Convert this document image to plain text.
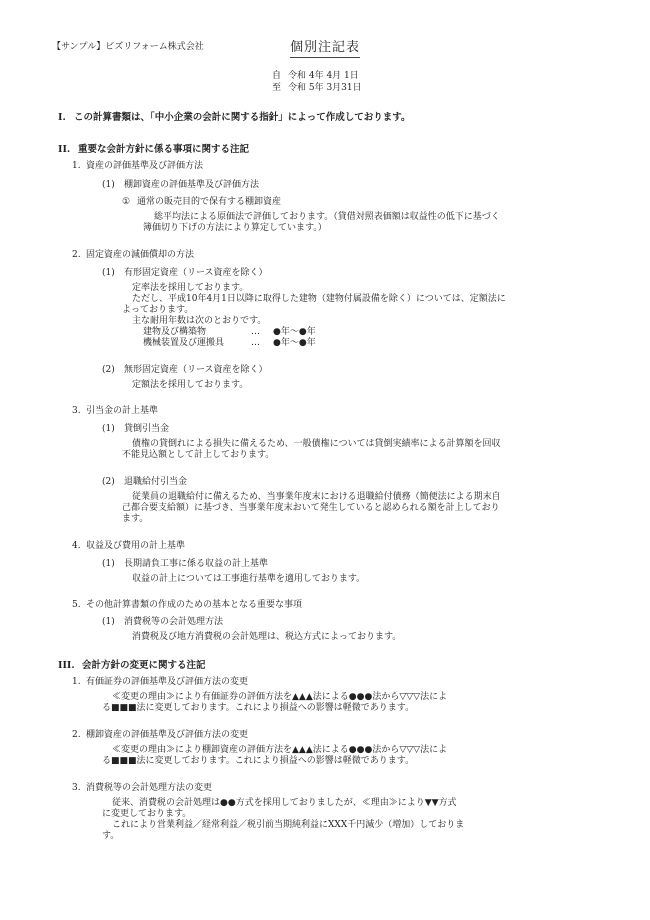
【サンプル】ビズリフォーム株式会社	個別注記表
自 令和 4年 4月 1日
至 令和 5年 3月31日
I. この計算書類は、「中小企業の会計に関する指針」によって作成しております。
II. 重要な会計方針に係る事項に関する注記
1. 資産の評価基準及び評価方法
(1) 棚卸資産の評価基準及び評価方法
① 通常の販売目的で保有する棚卸資産
総平均法による原価法で評価しております。（貸借対照表価額は収益性の低下に基づく
簿価切り下げの方法により算定しています。）
2. 固定資産の減価償却の方法
(1) 有形固定資産（リース資産を除く）
定率法を採用しております。
ただし、平成10年4月1日以降に取得した建物（建物付属設備を除く）については、定額法に
よっております。
主な耐用年数は次のとおりです。
建物及び構築物	… ●年～●年
機械装置及び運搬具	… ●年～●年
(2) 無形固定資産（リース資産を除く）
定額法を採用しております。
3. 引当金の計上基準
(1) 貸倒引当金
債権の貸倒れによる損失に備えるため、一般債権については貸倒実績率による計算額を回収
不能見込額として計上しております。
(2) 退職給付引当金
従業員の退職給付に備えるため、当事業年度末における退職給付債務（簡便法による期末自
己都合要支給額）に基づき、当事業年度末おいて発生していると認められる額を計上しており
ます。
4. 収益及び費用の計上基準
(1) 長期請負工事に係る収益の計上基準
収益の計上については工事進行基準を適用しております。
5. その他計算書類の作成のための基本となる重要な事項
(1) 消費税等の会計処理方法
消費税及び地方消費税の会計処理は、税込方式によっております。
III. 会計方針の変更に関する注記
1. 有価証券の評価基準及び評価方法の変更
≪変更の理由≫により有価証券の評価方法を▲▲▲法による●●●法から▽▽▽法によ
る■■■法に変更しております。これにより損益への影響は軽微であります。
2. 棚卸資産の評価基準及び評価方法の変更
≪変更の理由≫により棚卸資産の評価方法を▲▲▲法による●●●法から▽▽▽法によ
る■■■法に変更しております。これにより損益への影響は軽微であります。
3. 消費税等の会計処理方法の変更
従来、消費税の会計処理は●●方式を採用しておりましたが、≪理由≫により▼▼方式
に変更しております。
これにより営業利益／経常利益／税引前当期純利益にXXX千円減少（増加）しておりま
す。
